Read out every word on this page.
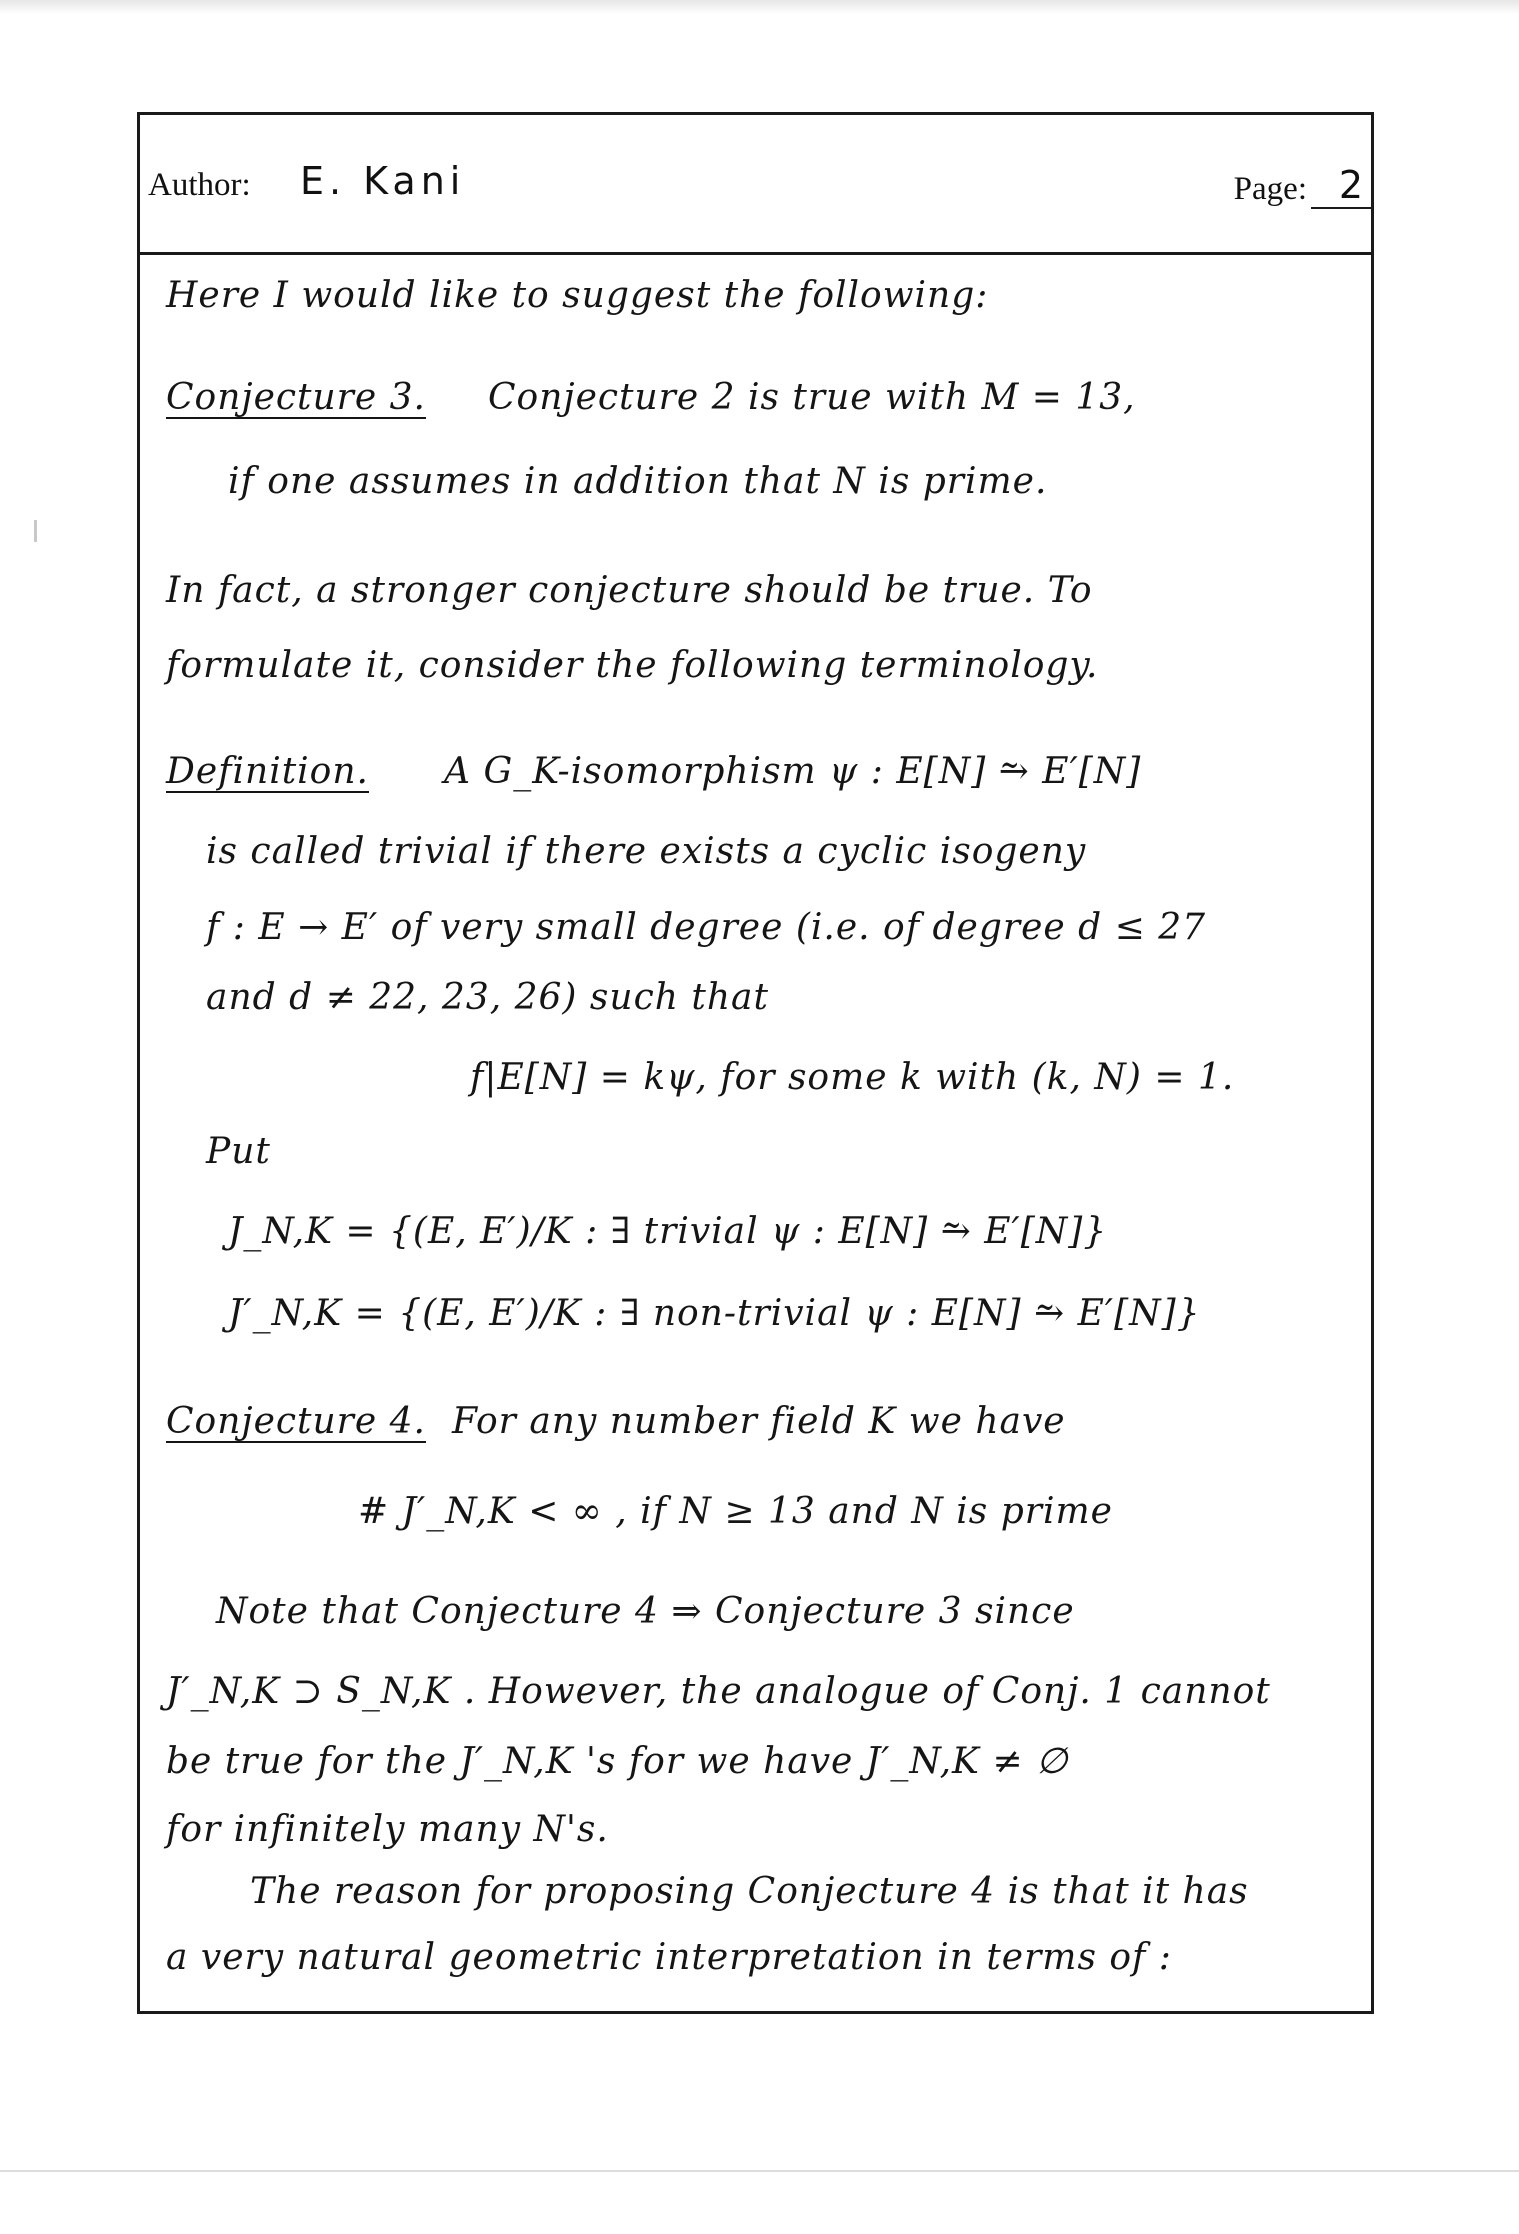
Author: E. Kani	Page: 2
Here I would like to suggest the following:
Conjecture 3. Conjecture 2 is true with M = 13,
if one assumes in addition that N is prime.
In fact, a stronger conjecture should be true. To
formulate it, consider the following terminology.
Definition. A G_K-isomorphism ψ : E[N] ⥲ E′[N]
is called trivial if there exists a cyclic isogeny
f : E → E′ of very small degree (i.e. of degree d ≤ 27
and d ≠ 22, 23, 26) such that
f|E[N] = kψ, for some k with (k, N) = 1.
Put
J_N,K = {(E, E′)/K : ∃ trivial ψ : E[N] ⥲ E′[N]}
J′_N,K = {(E, E′)/K : ∃ non-trivial ψ : E[N] ⥲ E′[N]}
Conjecture 4. For any number field K we have
# J′_N,K < ∞ , if N ≥ 13 and N is prime
Note that Conjecture 4 ⇒ Conjecture 3 since
J′_N,K ⊃ S_N,K . However, the analogue of Conj. 1 cannot
be true for the J′_N,K 's for we have J′_N,K ≠ ∅
for infinitely many N's.
The reason for proposing Conjecture 4 is that it has
a very natural geometric interpretation in terms of :
